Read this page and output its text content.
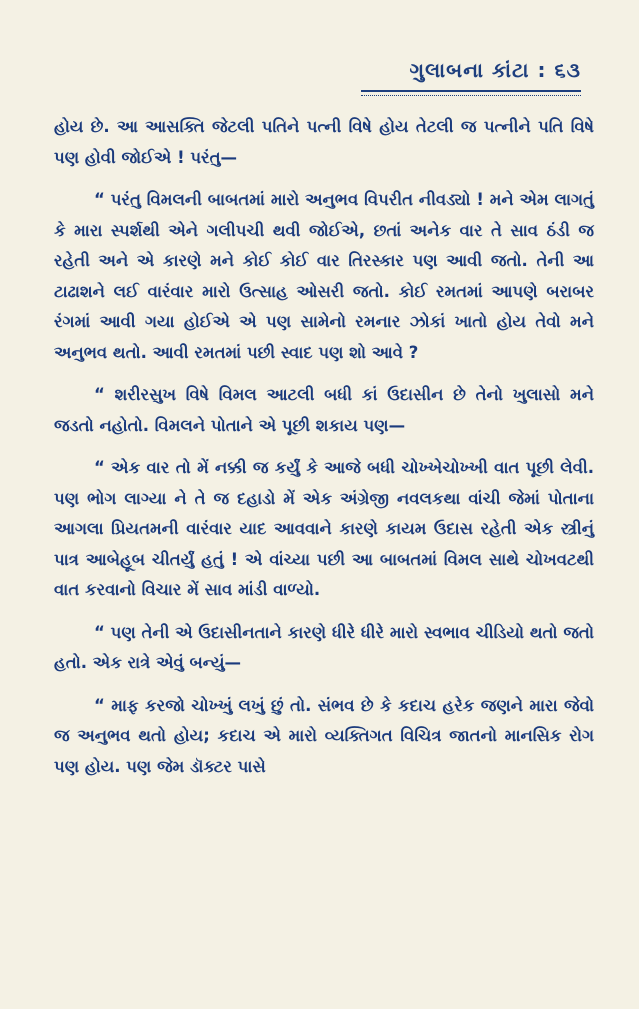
ગુલાબના કાંટા : ૬૩

હોય છે. આ આસક્તિ જેટલી પતિને પત્ની વિષે હોય તેટલી જ પત્નીને પતિ વિષે પણ હોવી જોઈએ ! પરંતુ—

“ પરંતુ વિમલની બાબતમાં મારો અનુભવ વિપરીત નીવડ્યો ! મને એમ લાગતું કે મારા સ્પર્શથી એને ગલીપચી થવી જોઈએ, છતાં અનેક વાર તે સાવ ઠંડી જ રહેતી અને એ કારણે મને કોઈ કોઈ વાર તિરસ્કાર પણ આવી જતો. તેની આ ટાઢાશને લઈ વારંવાર મારો ઉત્સાહ ઓસરી જતો. કોઈ રમતમાં આપણે બરાબર રંગમાં આવી ગયા હોઈએ એ પણ સામેનો રમનાર ઝોકાં ખાતો હોય તેવો મને અનુભવ થતો. આવી રમતમાં પછી સ્વાદ પણ શો આવે ?

“ શરીરસુખ વિષે વિમલ આટલી બધી કાં ઉદાસીન છે તેનો ખુલાસો મને જડતો નહોતો. વિમલને પોતાને એ પૂછી શકાય પણ—

“ એક વાર તો મેં નક્કી જ કર્યું કે આજે બધી ચોખ્ખેચોખ્ખી વાત પૂછી લેવી. પણ ભોગ લાગ્યા ને તે જ દહાડો મેં એક અંગ્રેજી નવલકથા વાંચી જેમાં પોતાના આગલા પ્રિયતમની વારંવાર યાદ આવવાને કારણે કાયમ ઉદાસ રહેતી એક સ્ત્રીનું પાત્ર આબેહૂબ ચીતર્યું હતું ! એ વાંચ્યા પછી આ બાબતમાં વિમલ સાથે ચોખવટથી વાત કરવાનો વિચાર મેં સાવ માંડી વાળ્યો.

“ પણ તેની એ ઉદાસીનતાને કારણે ધીરે ધીરે મારો સ્વભાવ ચીડિયો થતો જતો હતો. એક રાત્રે એવું બન્યું—

“ માફ કરજો ચોખ્ખું લખું છું તો. સંભવ છે કે કદાચ હરેક જણને મારા જેવો જ અનુભવ થતો હોય; કદાચ એ મારો વ્યક્તિગત વિચિત્ર જાતનો માનસિક રોગ પણ હોય. પણ જેમ ડૉક્ટર પાસે
